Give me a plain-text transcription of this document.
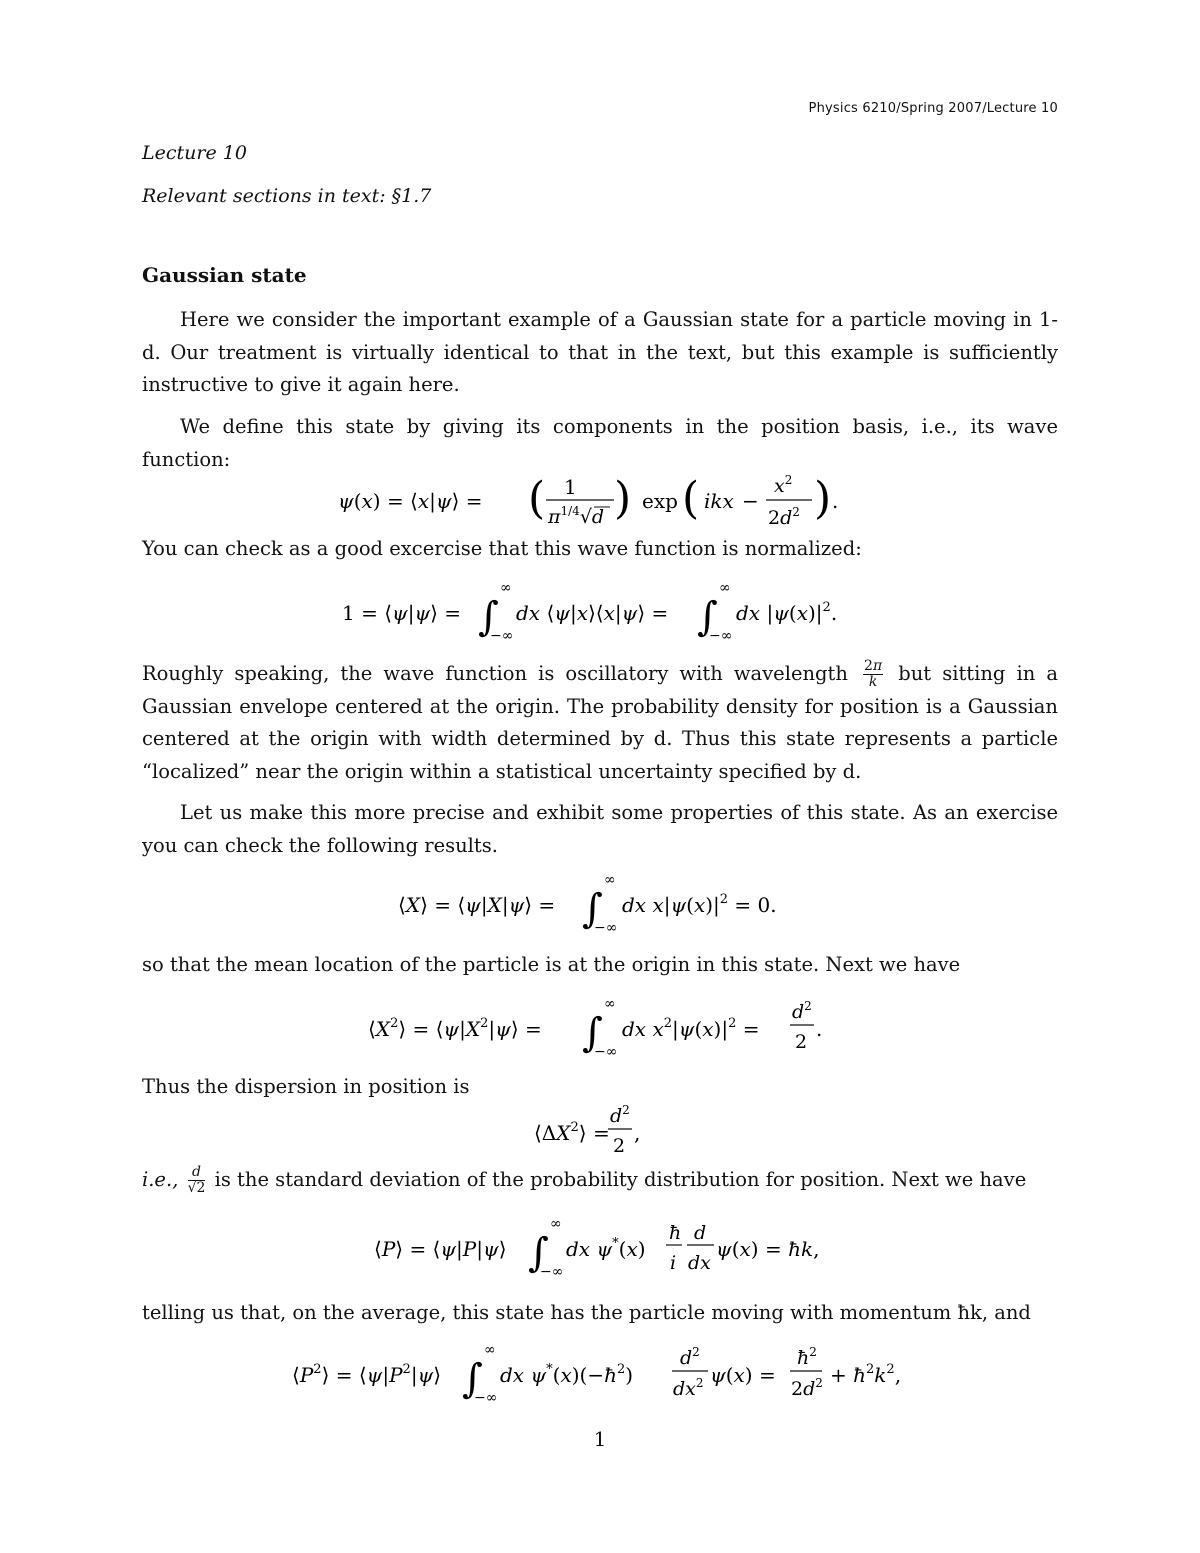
Physics 6210/Spring 2007/Lecture 10
Lecture 10
Relevant sections in text: §1.7
Gaussian state

Here we consider the important example of a Gaussian state for a particle moving in 1-d. Our treatment is virtually identical to that in the text, but this example is sufficiently instructive to give it again here.

We define this state by giving its components in the position basis, i.e., its wave function:

ψ(x) = ⟨x|ψ⟩ = ( 1
$\pi^{1/4}√d$ ) exp ( ikx −
$x^2$
$2d^2$ ) .

You can check as a good excercise that this wave function is normalized:

1 = ⟨ψ|ψ⟩ = ∫
∞
−∞
dx ⟨ψ|x⟩⟨x|ψ⟩ = ∫
∞
−∞
dx $|\psi(x)|^2$.
Roughly speaking, the wave function is oscillatory with wavelength $\frac{2\pi}{k}$ but sitting in a Gaussian envelope centered at the origin. The probability density for position is a Gaussian centered at the origin with width determined by d. Thus this state represents a particle “localized” near the origin within a statistical uncertainty specified by d.

Let us make this more precise and exhibit some properties of this state. As an exercise you can check the following results.

⟨X⟩ = ⟨ψ|X|ψ⟩ = ∫
∞
−∞
dx $x|\psi(x)|^2 = 0$.

so that the mean location of the particle is at the origin in this state. Next we have

$⟨X^2⟩$ = $⟨\psi|X^2|\psi⟩$ = ∫
∞
−∞
dx $x^2|\psi(x)|^2$ =
$d^2$
2
.

Thus the dispersion in position is

$⟨\Delta X^2⟩$ =
$d^2$
2
,
i.e., $\frac{d}{√2}$ is the standard deviation of the probability distribution for position. Next we have
⟨P⟩ = ⟨ψ|P|ψ⟩ ∫
∞
−∞
dx ψ*(x)
ħ
i
d
dx
ψ(x) = ħk,

telling us that, on the average, this state has the particle moving with momentum ħk, and

$⟨P^2⟩$ = $⟨\psi|P^2|\psi⟩$ ∫
∞
−∞
dx $\psi^*(x)(-ħ^2)$
$d^2$
$dx^2$ ψ(x) =
$ħ^2$
$2d^2$ + $ħ^2k^2$,
1
